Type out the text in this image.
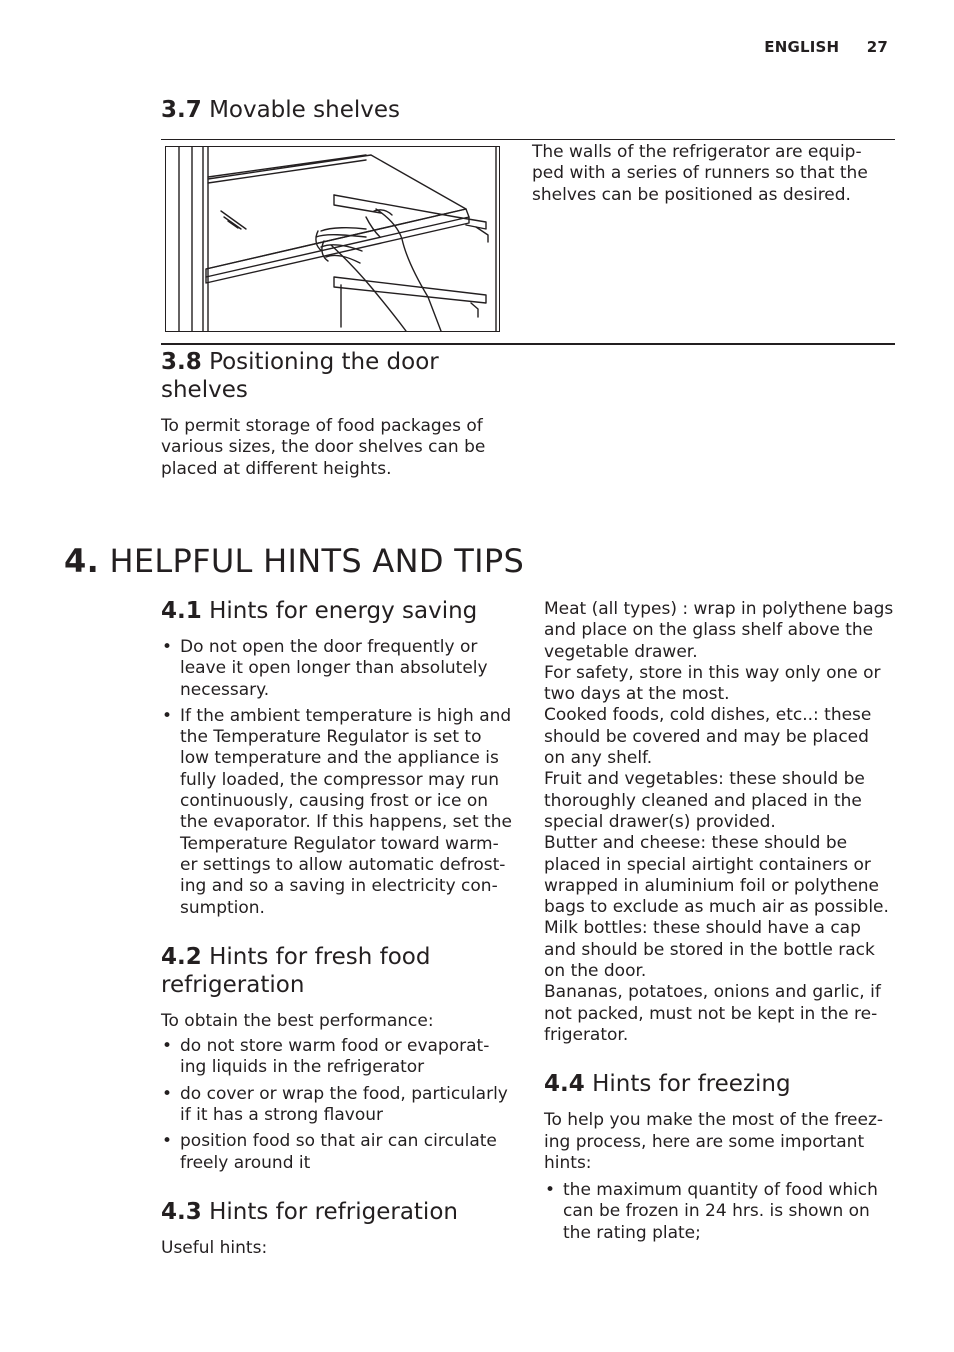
ENGLISH 27
3.7 Movable shelves
The walls of the refrigerator are equip-
ped with a series of runners so that the
shelves can be positioned as desired.
3.8 Positioning the door
shelves
To permit storage of food packages of
various sizes, the door shelves can be
placed at different heights.
4. HELPFUL HINTS AND TIPS
4.1 Hints for energy saving
• Do not open the door frequently or
leave it open longer than absolutely
necessary.
• If the ambient temperature is high and
the Temperature Regulator is set to
low temperature and the appliance is
fully loaded, the compressor may run
continuously, causing frost or ice on
the evaporator. If this happens, set the
Temperature Regulator toward warm-
er settings to allow automatic defrost-
ing and so a saving in electricity con-
sumption.
4.2 Hints for fresh food
refrigeration

To obtain the best performance:

• do not store warm food or evaporat-
ing liquids in the refrigerator
• do cover or wrap the food, particularly
if it has a strong flavour
• position food so that air can circulate
freely around it
4.3 Hints for refrigeration

Useful hints:

Meat (all types) : wrap in polythene bags
and place on the glass shelf above the
vegetable drawer.
For safety, store in this way only one or
two days at the most.
Cooked foods, cold dishes, etc..: these
should be covered and may be placed
on any shelf.
Fruit and vegetables: these should be
thoroughly cleaned and placed in the
special drawer(s) provided.
Butter and cheese: these should be
placed in special airtight containers or
wrapped in aluminium foil or polythene
bags to exclude as much air as possible.
Milk bottles: these should have a cap
and should be stored in the bottle rack
on the door.
Bananas, potatoes, onions and garlic, if
not packed, must not be kept in the re-
frigerator.
4.4 Hints for freezing
To help you make the most of the freez-
ing process, here are some important
hints:
• the maximum quantity of food which
can be frozen in 24 hrs. is shown on
the rating plate;
